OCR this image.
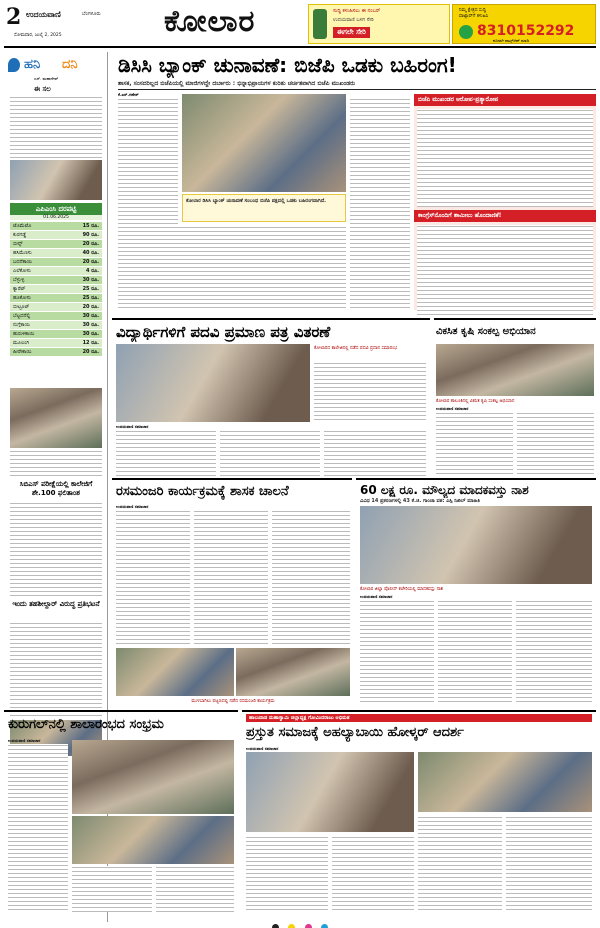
2 ಉದಯವಾಣಿ	ಬೆಂಗಳೂರು
ಸೋಮವಾರ, ಜುಲೈ 2, 2025	ಕೋಲಾರ	ಸುದ್ದಿ ಕಳುಹಿಸಲು ಈ ನಂಬರ್
ಉದಯವಾಣಿ ಬಳಗ ಸೇರಿ
ಈಗಲೇ ಸೇರಿ
ನಿಮ್ಮ ಕ್ಷೇತ್ರದ ಸುದ್ದಿ
ವಾಟ್ಸಾಪ್‌ಗೆ ಕಳುಹಿಸಿ
8310152292
ಕೂಡಲೇ ವಾಟ್ಸ್‌ಆಪ್ ಮಾಡಿ
ಹನಿ ದನಿ
ಎಸ್. ಮಹಾದೇವ್
ಈ ಸಲ
ಎಪಿಎಂಸಿ ದರಪಟ್ಟಿ
01.06.2025
ಟೊಮೆಟೊ	15 ರೂ.
ಕುರಗಡ್ಡೆ	90 ರೂ.
ಬೀನ್ಸ್	20 ರೂ.
ಹಸಿಮೆಣಸು	40 ರೂ.
ಬದನೆಕಾಯಿ	20 ರೂ.
ಎಲೆಕೋಸು	4 ರೂ.
ಬೆಳ್ಳುಳ್ಳಿ	30 ರೂ.
ಕ್ಯಾರೆಟ್	25 ರೂ.
ಹೂಕೋಸು	25 ರೂ.
ಬೀಟ್ರೂಟ್	20 ರೂ.
ಬೆಟ್ಟದನೆಲ್ಲಿ	30 ರೂ.
ನುಗ್ಗೆಕಾಯಿ	30 ರೂ.
ಹುರುಳಿಕಾಯಿ	30 ರೂ.
ಮೂಲಂಗಿ	12 ರೂ.
ಹೀರೇಕಾಯಿ	20 ರೂ.
ಸಿಬಿಎಸ್ ಪರೀಕ್ಷೆಯಲ್ಲಿ ಕಾಲೇಜಿಗೆ ಶೇ.100 ಫಲಿತಾಂಶ
ಇಂದು ತಹಶೀಲ್ದಾರ್ ವಿರುದ್ಧ ಪ್ರತಿಭಟನೆ
ಡಿಸಿಸಿ ಬ್ಯಾಂಕ್ ಚುನಾವಣೆ: ಬಿಜೆಪಿ ಒಡಕು ಬಹಿರಂಗ!
ಶಾಸಕ, ಸಂಸದರಿಲ್ಲದ ಬಿಜೆಪಿಯಲ್ಲಿ ಮಾಜಿಗಳದ್ದೇ ದರ್ಬಾರು : ಭಿನ್ನಾಭಿಪ್ರಾಯಗಳ ಕುರಿತು ಚರ್ಚಿತವಾಗಿದ ಬಿಜೆಪಿ ಮುಖಂಡರು
ಕೆ.ಎಸ್.ಗಣೇಶ್
ಕೋಲಾರ ಡಿಸಿಸಿ ಬ್ಯಾಂಕ್ ಚುನಾವಣೆ ಸಂಬಂಧ ಬಿಜೆಪಿ ಪಕ್ಷದಲ್ಲಿ ಒಡಕು ಬಹಿರಂಗವಾಗಿದೆ.
ಬಿಜೆಪಿ ಮುಖಂಡರ ಆರೋಪ-ಪ್ರತ್ಯಾರೋಪ
ಕಾಂಗ್ರೆಸ್‌ನೊಂದಿಗೆ ಶಾಮೀಲು ಹೊಂದಾಣಿಕೆ!
ವಿದ್ಯಾರ್ಥಿಗಳಿಗೆ ಪದವಿ ಪ್ರಮಾಣ ಪತ್ರ ವಿತರಣೆ
ಕೋಲಾರದ ಕಾಲೇಜಿನಲ್ಲಿ ನಡೆದ ಪದವಿ ಪ್ರದಾನ ಸಮಾರಂಭ
ಉದಯವಾಣಿ ಸಮಾಚಾರ
ವಿಕಸಿತ ಕೃಷಿ ಸಂಕಲ್ಪ ಅಭಿಯಾನ
ಕೋಲಾರ ತಾಲೂಕಿನಲ್ಲಿ ವಿಕಸಿತ ಕೃಷಿ ಸಂಕಲ್ಪ ಅಭಿಯಾನ
ಉದಯವಾಣಿ ಸಮಾಚಾರ
ರಸಮಂಜರಿ ಕಾರ್ಯಕ್ರಮಕ್ಕೆ ಶಾಸಕ ಚಾಲನೆ
ಉದಯವಾಣಿ ಸಮಾಚಾರ
ಮುಳಬಾಗಿಲು ಪಟ್ಟಣದಲ್ಲಿ ನಡೆದ ರಸಮಂಜರಿ ಕಾರ್ಯಕ್ರಮ
60 ಲಕ್ಷ ರೂ. ಮೌಲ್ಯದ ಮಾದಕವಸ್ತು ನಾಶ
ವಿವಿಧ 14 ಪ್ರಕರಣಗಳಲ್ಲಿ 43 ಕೆ.ಜಿ. ಗಾಂಜಾ ವಶ: ಎಸ್ಪಿ ನಿಖಿಲ್ ಮಾಹಿತಿ
ಕೋಲಾರ ಜಿಲ್ಲಾ ಪೊಲೀಸ್ ಕಚೇರಿಯಲ್ಲಿ ಮಾದಕವಸ್ತು ನಾಶ
ಉದಯವಾಣಿ ಸಮಾಚಾರ
ಕುರುಗಲ್‌ನಲ್ಲಿ ಶಾಲಾರಂಭದ ಸಂಭ್ರಮ
ಉದಯವಾಣಿ ಸಮಾಚಾರ
ಹಾಲುವಾಡ ಮಹಾಸ್ವಾಮಿ ಜಿಲ್ಲಾಧ್ಯಕ್ಷ ಗೋವಿಂದರಾಜು ಅಭಿಮತ
ಪ್ರಸ್ತುತ ಸಮಾಜಕ್ಕೆ ಅಹಲ್ಯಾಬಾಯಿ ಹೋಳ್ಕರ್ ಆದರ್ಶ
ಉದಯವಾಣಿ ಸಮಾಚಾರ
